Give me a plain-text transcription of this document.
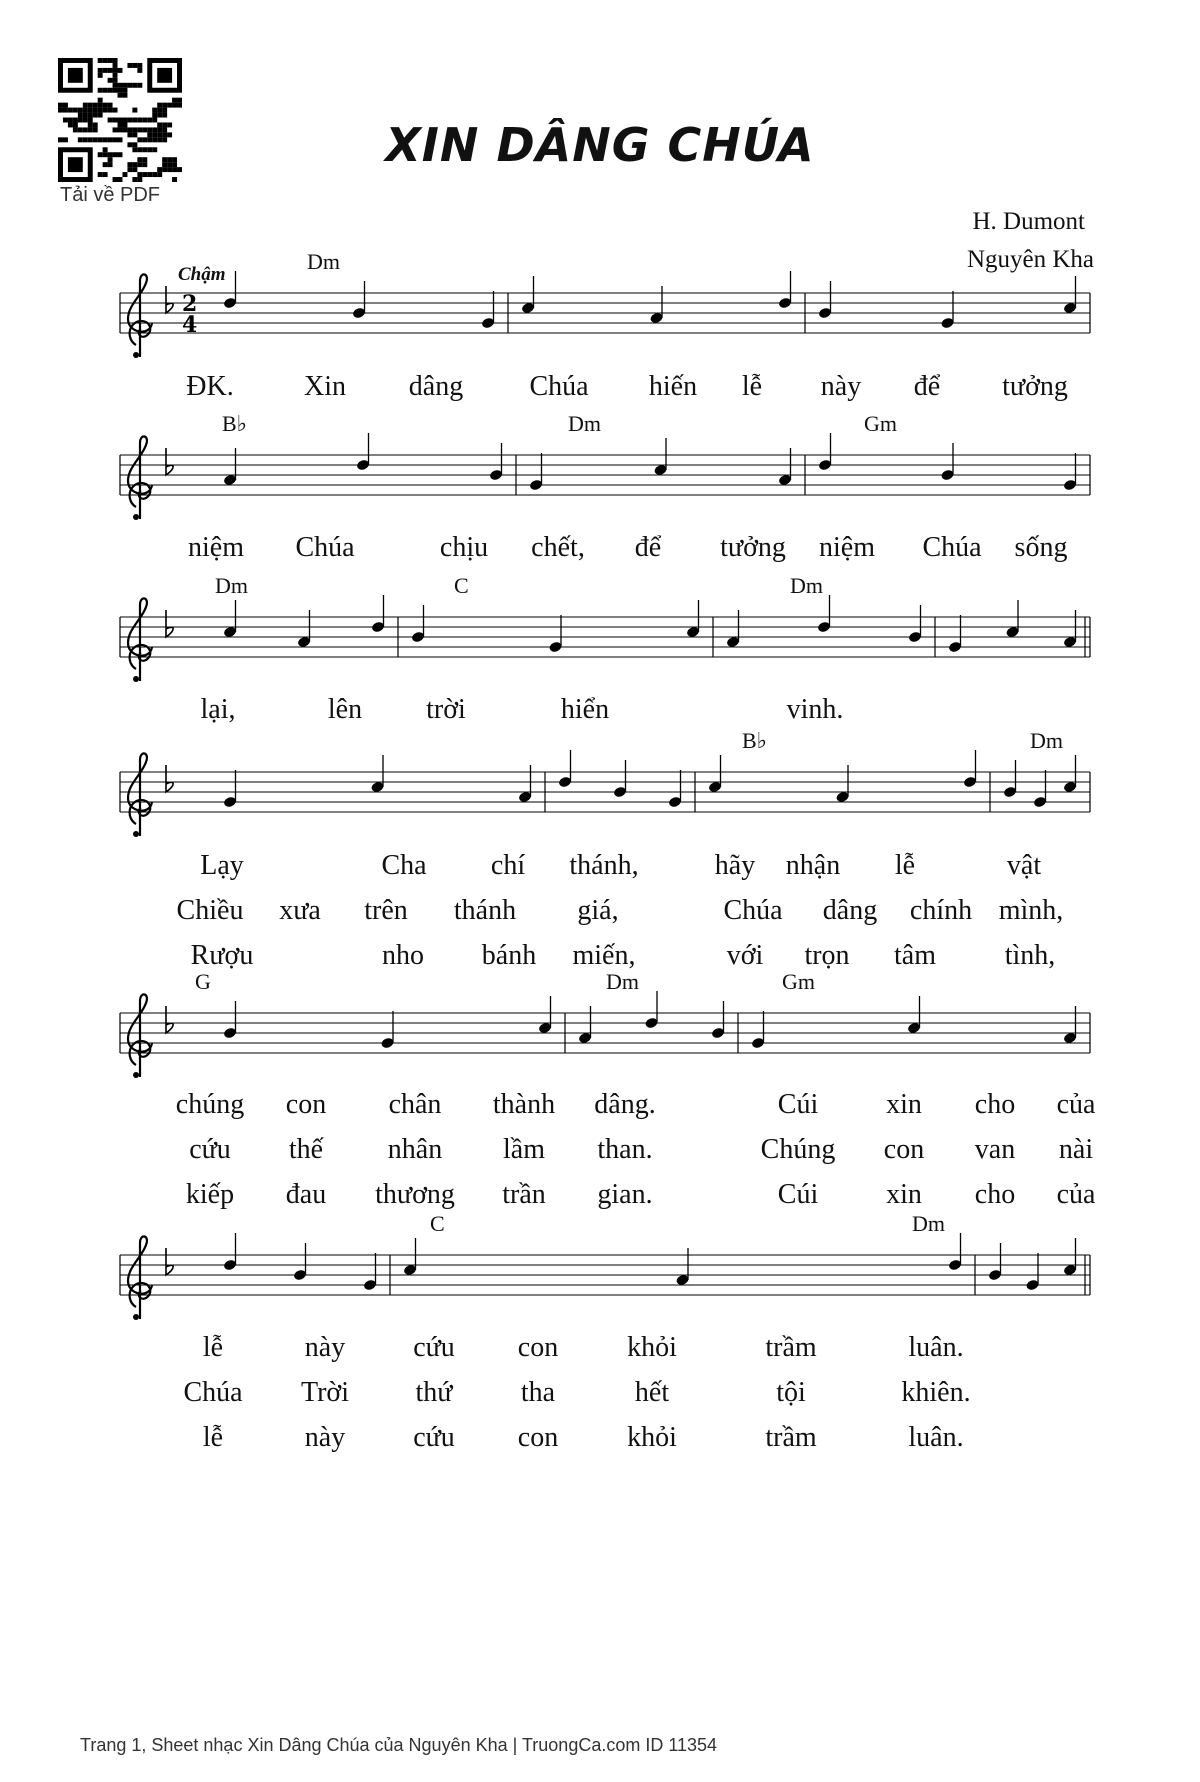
Tải về PDF
XIN DÂNG CHÚA
H. Dumont
Nguyên Kha
2
4
Dm
Chậm
ĐK.	Xin dâng Chúa hiến lễ này để tưởng
B♭	Dm	Gm
niệm Chúa	chịu chết, để tưởng niệm Chúa sống
Dm	C	Dm
lại,	lên trời	hiển	vinh.
B♭	Dm
Lạy	Cha chí thánh,	hãy nhận lễ	vật
Chiều xưa trên thánh giá,	Chúa dâng chính mình,
Rượu	nho bánh miến,	với trọn tâm tình,
G	Dm	Gm
chúng con chân thành dâng.	Cúi xin cho của
cứu thế nhân lầm than.	Chúng con van nài
kiếp đau thương trần gian.	Cúi xin cho của
C	Dm
lễ	này cứu con khỏi	trầm	luân.
Chúa Trời thứ tha	hết	tội	khiên.
lễ	này cứu con khỏi	trầm	luân.
Trang 1, Sheet nhạc Xin Dâng Chúa của Nguyên Kha | TruongCa.com ID 11354
